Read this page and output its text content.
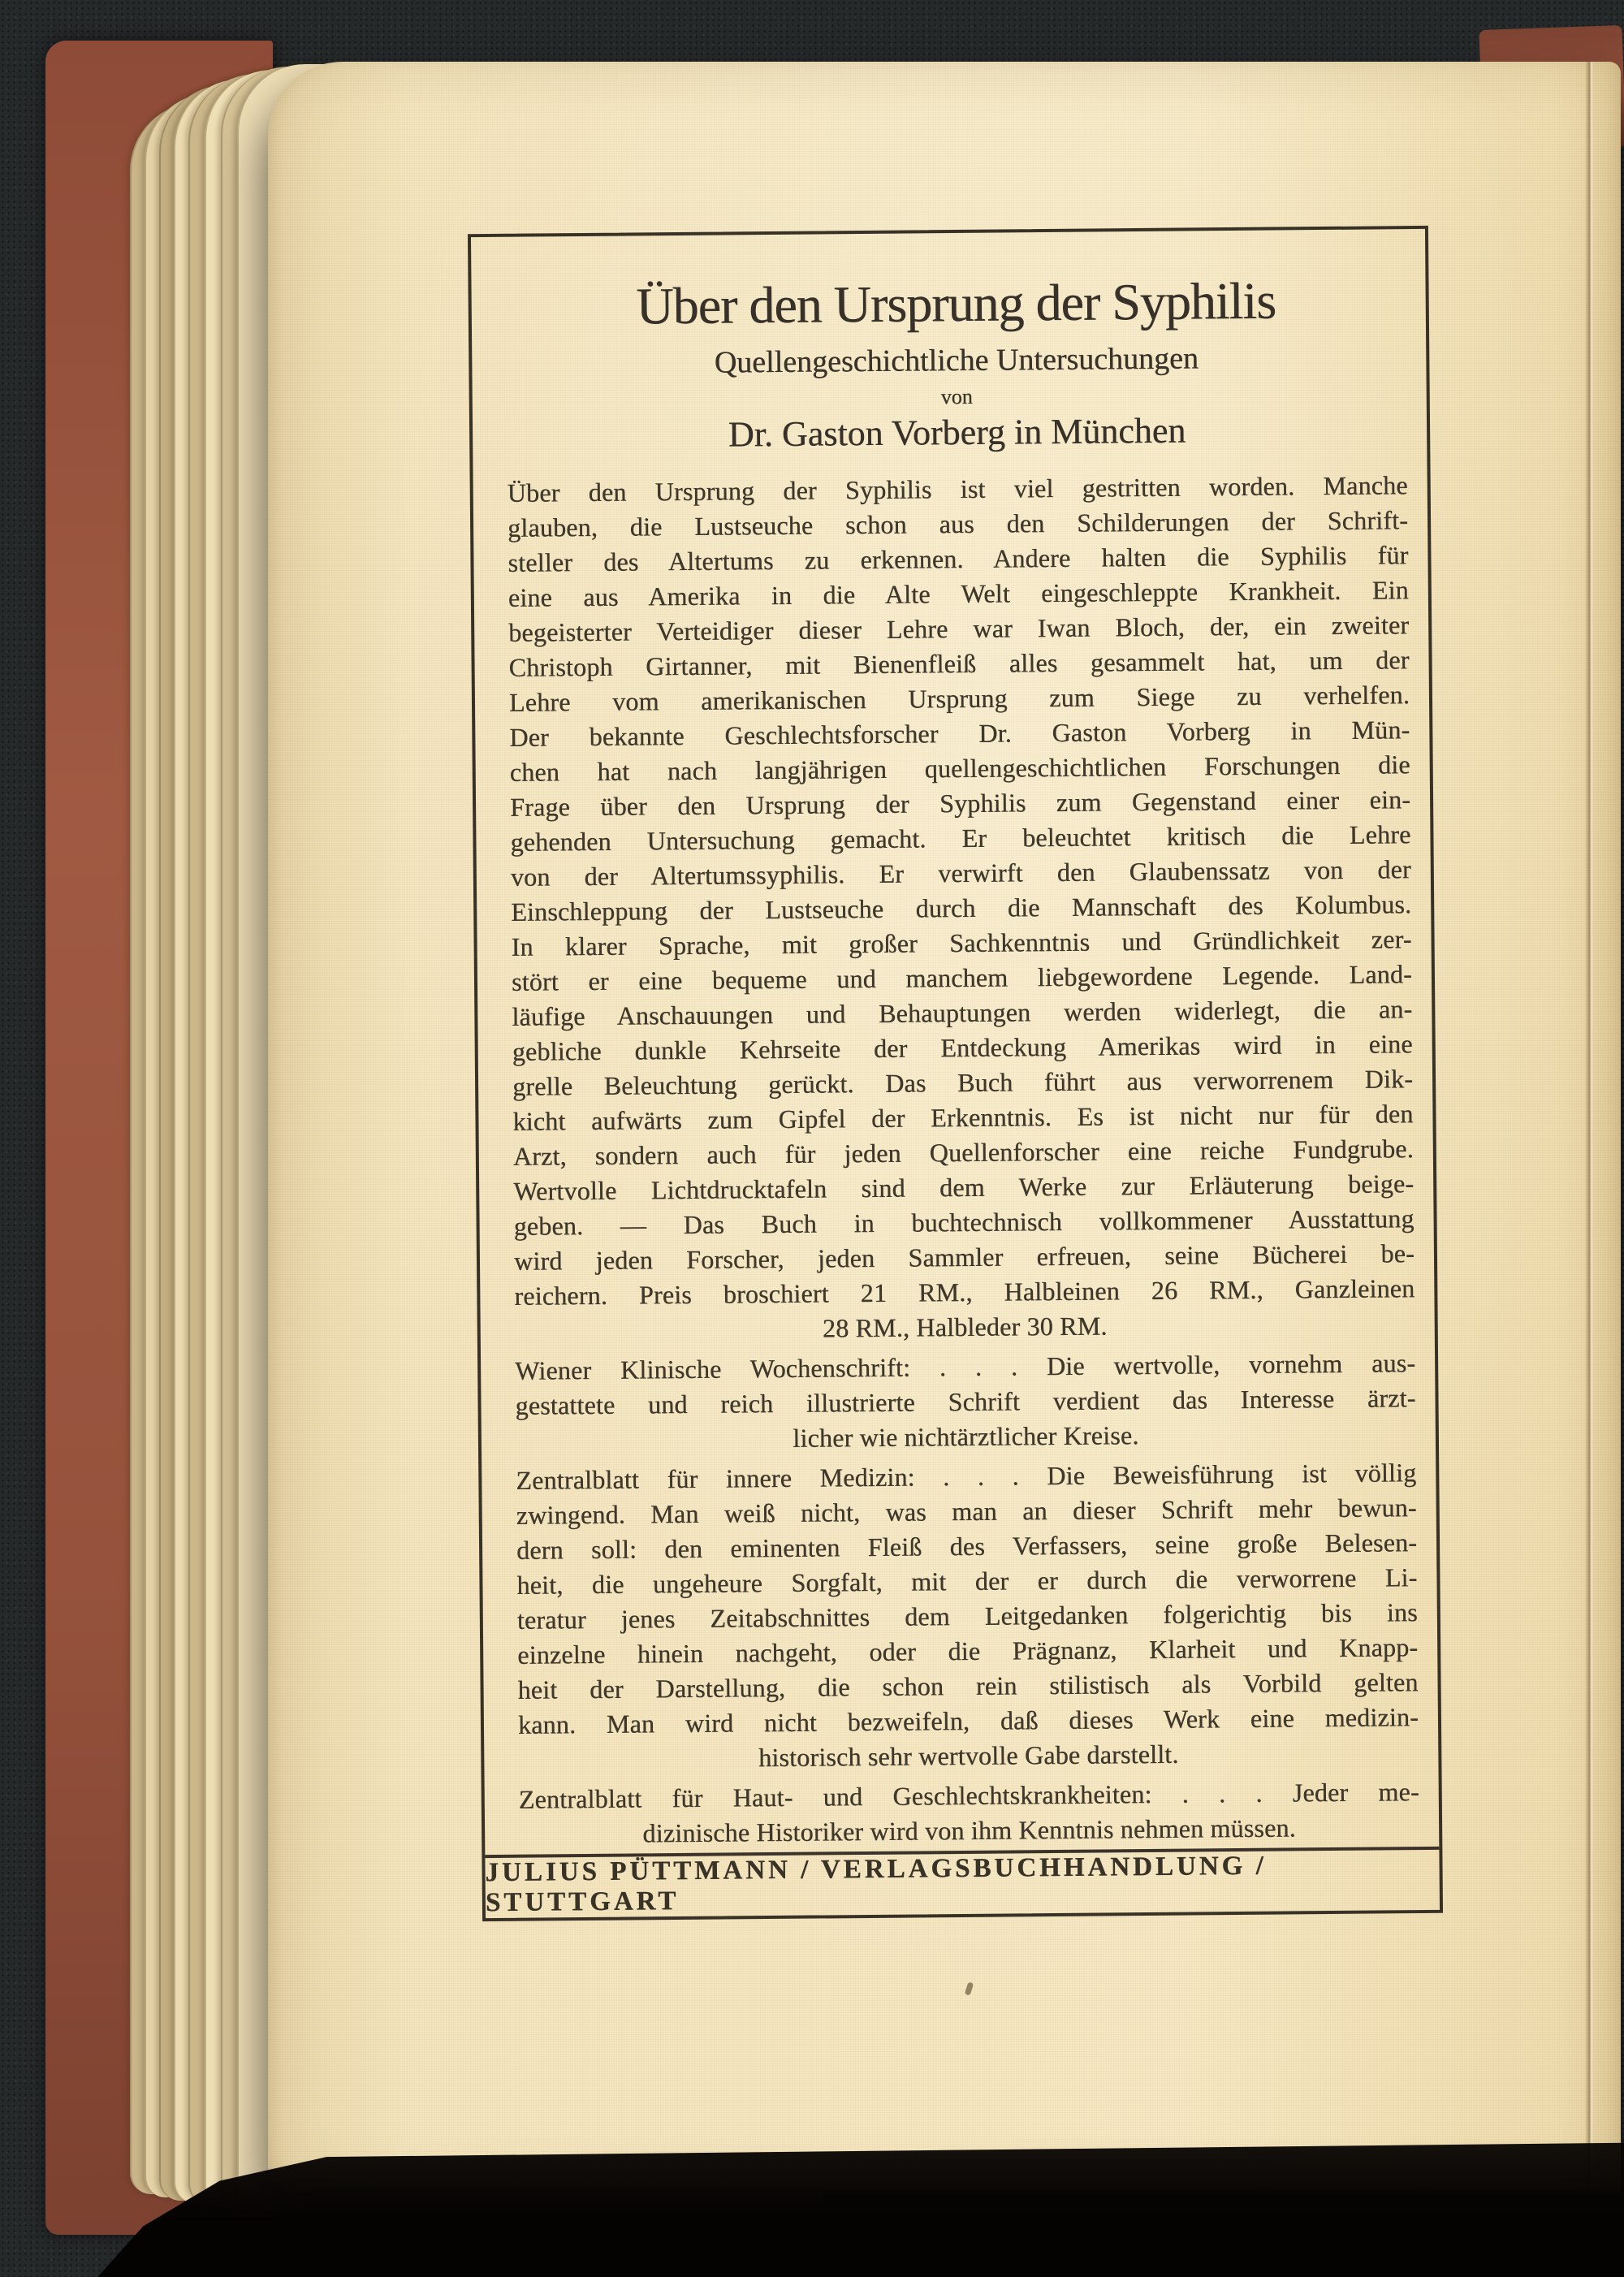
Über den Ursprung der Syphilis
Quellengeschichtliche Untersuchungen
von
Dr. Gaston Vorberg in München
Über den Ursprung der Syphilis ist viel gestritten worden. Manche
glauben, die Lustseuche schon aus den Schilderungen der Schrift-
steller des Altertums zu erkennen. Andere halten die Syphilis für
eine aus Amerika in die Alte Welt eingeschleppte Krankheit. Ein
begeisterter Verteidiger dieser Lehre war Iwan Bloch, der, ein zweiter
Christoph Girtanner, mit Bienenfleiß alles gesammelt hat, um der
Lehre vom amerikanischen Ursprung zum Siege zu verhelfen.
Der bekannte Geschlechtsforscher Dr. Gaston Vorberg in Mün-
chen hat nach langjährigen quellengeschichtlichen Forschungen die
Frage über den Ursprung der Syphilis zum Gegenstand einer ein-
gehenden Untersuchung gemacht. Er beleuchtet kritisch die Lehre
von der Altertumssyphilis. Er verwirft den Glaubenssatz von der
Einschleppung der Lustseuche durch die Mannschaft des Kolumbus.
In klarer Sprache, mit großer Sachkenntnis und Gründlichkeit zer-
stört er eine bequeme und manchem liebgewordene Legende. Land-
läufige Anschauungen und Behauptungen werden widerlegt, die an-
gebliche dunkle Kehrseite der Entdeckung Amerikas wird in eine
grelle Beleuchtung gerückt. Das Buch führt aus verworrenem Dik-
kicht aufwärts zum Gipfel der Erkenntnis. Es ist nicht nur für den
Arzt, sondern auch für jeden Quellenforscher eine reiche Fundgrube.
Wertvolle Lichtdrucktafeln sind dem Werke zur Erläuterung beige-
geben. — Das Buch in buchtechnisch vollkommener Ausstattung
wird jeden Forscher, jeden Sammler erfreuen, seine Bücherei be-
reichern. Preis broschiert 21 RM., Halbleinen 26 RM., Ganzleinen
28 RM., Halbleder 30 RM.
Wiener Klinische Wochenschrift: . . . Die wertvolle, vornehm aus-
gestattete und reich illustrierte Schrift verdient das Interesse ärzt-
licher wie nichtärztlicher Kreise.
Zentralblatt für innere Medizin: . . . Die Beweisführung ist völlig
zwingend. Man weiß nicht, was man an dieser Schrift mehr bewun-
dern soll: den eminenten Fleiß des Verfassers, seine große Belesen-
heit, die ungeheure Sorgfalt, mit der er durch die verworrene Li-
teratur jenes Zeitabschnittes dem Leitgedanken folgerichtig bis ins
einzelne hinein nachgeht, oder die Prägnanz, Klarheit und Knapp-
heit der Darstellung, die schon rein stilistisch als Vorbild gelten
kann. Man wird nicht bezweifeln, daß dieses Werk eine medizin-
historisch sehr wertvolle Gabe darstellt.
Zentralblatt für Haut- und Geschlechtskrankheiten: . . . Jeder me-
dizinische Historiker wird von ihm Kenntnis nehmen müssen.
JULIUS PÜTTMANN / VERLAGSBUCHHANDLUNG / STUTTGART
